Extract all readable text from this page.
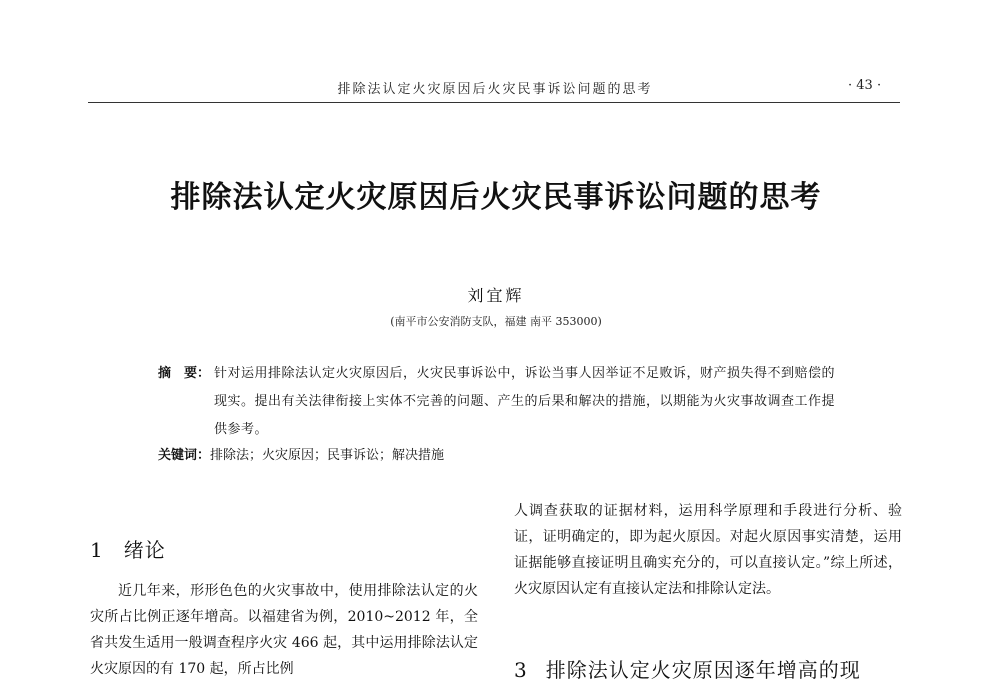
排除法认定火灾原因后火灾民事诉讼问题的思考	· 43 ·
排除法认定火灾原因后火灾民事诉讼问题的思考
刘宜辉
(南平市公安消防支队，福建 南平 353000)
摘　要： 针对运用排除法认定火灾原因后，火灾民事诉讼中，诉讼当事人因举证不足败诉，财产损失得不到赔偿的现实。提出有关法律衔接上实体不完善的问题、产生的后果和解决的措施，以期能为火灾事故调查工作提供参考。
关键词：排除法；火灾原因；民事诉讼；解决措施
1 绪论

近几年来，形形色色的火灾事故中，使用排除法认定的火灾所占比例正逐年增高。以福建省为例，2010~2012 年，全省共发生适用一般调查程序火灾 466 起，其中运用排除法认定火灾原因的有 170 起，所占比例

人调查获取的证据材料，运用科学原理和手段进行分析、验证，证明确定的，即为起火原因。对起火原因事实清楚，运用证据能够直接证明且确实充分的，可以直接认定。”综上所述，火灾原因认定有直接认定法和排除认定法。

3 排除法认定火灾原因逐年增高的现
